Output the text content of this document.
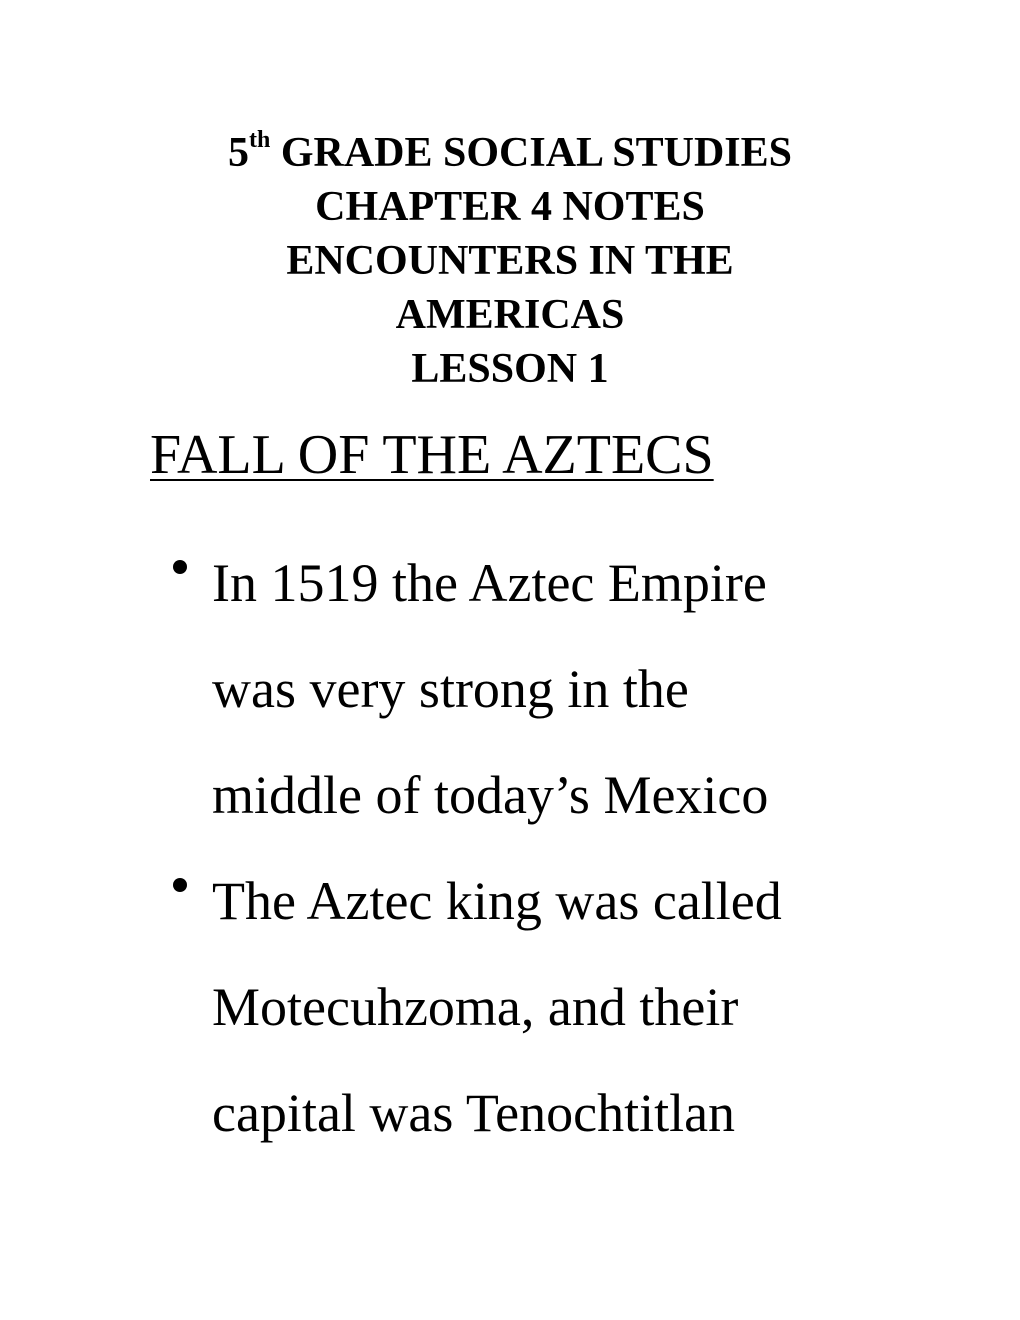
5th GRADE SOCIAL STUDIES
CHAPTER 4 NOTES
ENCOUNTERS IN THE
AMERICAS
LESSON 1
FALL OF THE AZTECS
In 1519 the Aztec Empire
was very strong in the
middle of today’s Mexico
The Aztec king was called
Motecuhzoma, and their
capital was Tenochtitlan
